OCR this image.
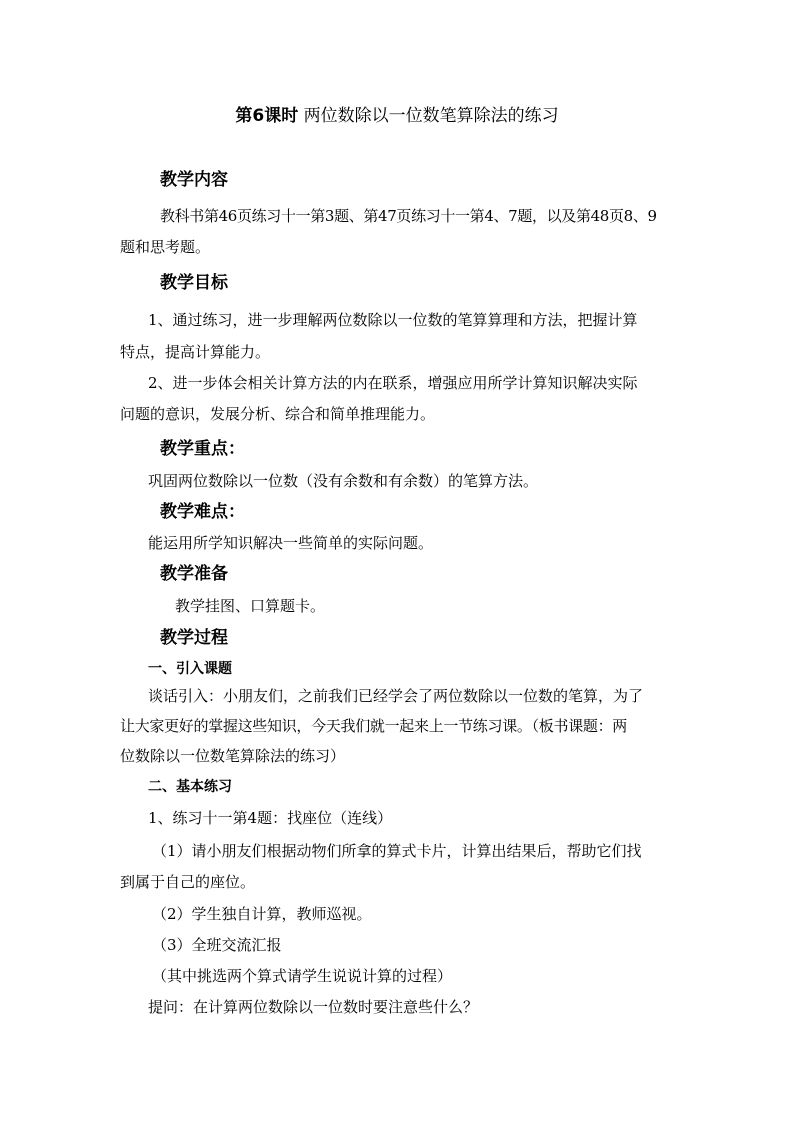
第6课时 两位数除以一位数笔算除法的练习
教学内容
教科书第46页练习十一第3题、第47页练习十一第4、7题，以及第48页8、9
题和思考题。
教学目标
1、通过练习，进一步理解两位数除以一位数的笔算算理和方法，把握计算
特点，提高计算能力。
2、进一步体会相关计算方法的内在联系，增强应用所学计算知识解决实际
问题的意识，发展分析、综合和简单推理能力。
教学重点：
巩固两位数除以一位数（没有余数和有余数）的笔算方法。
教学难点：
能运用所学知识解决一些简单的实际问题。
教学准备
教学挂图、口算题卡。
教学过程
一、引入课题
谈话引入：小朋友们，之前我们已经学会了两位数除以一位数的笔算，为了
让大家更好的掌握这些知识，今天我们就一起来上一节练习课。（板书课题：两
位数除以一位数笔算除法的练习）
二、基本练习
1、练习十一第4题：找座位（连线）
（1）请小朋友们根据动物们所拿的算式卡片，计算出结果后，帮助它们找
到属于自己的座位。
（2）学生独自计算，教师巡视。
（3）全班交流汇报
（其中挑选两个算式请学生说说计算的过程）
提问：在计算两位数除以一位数时要注意些什么？
